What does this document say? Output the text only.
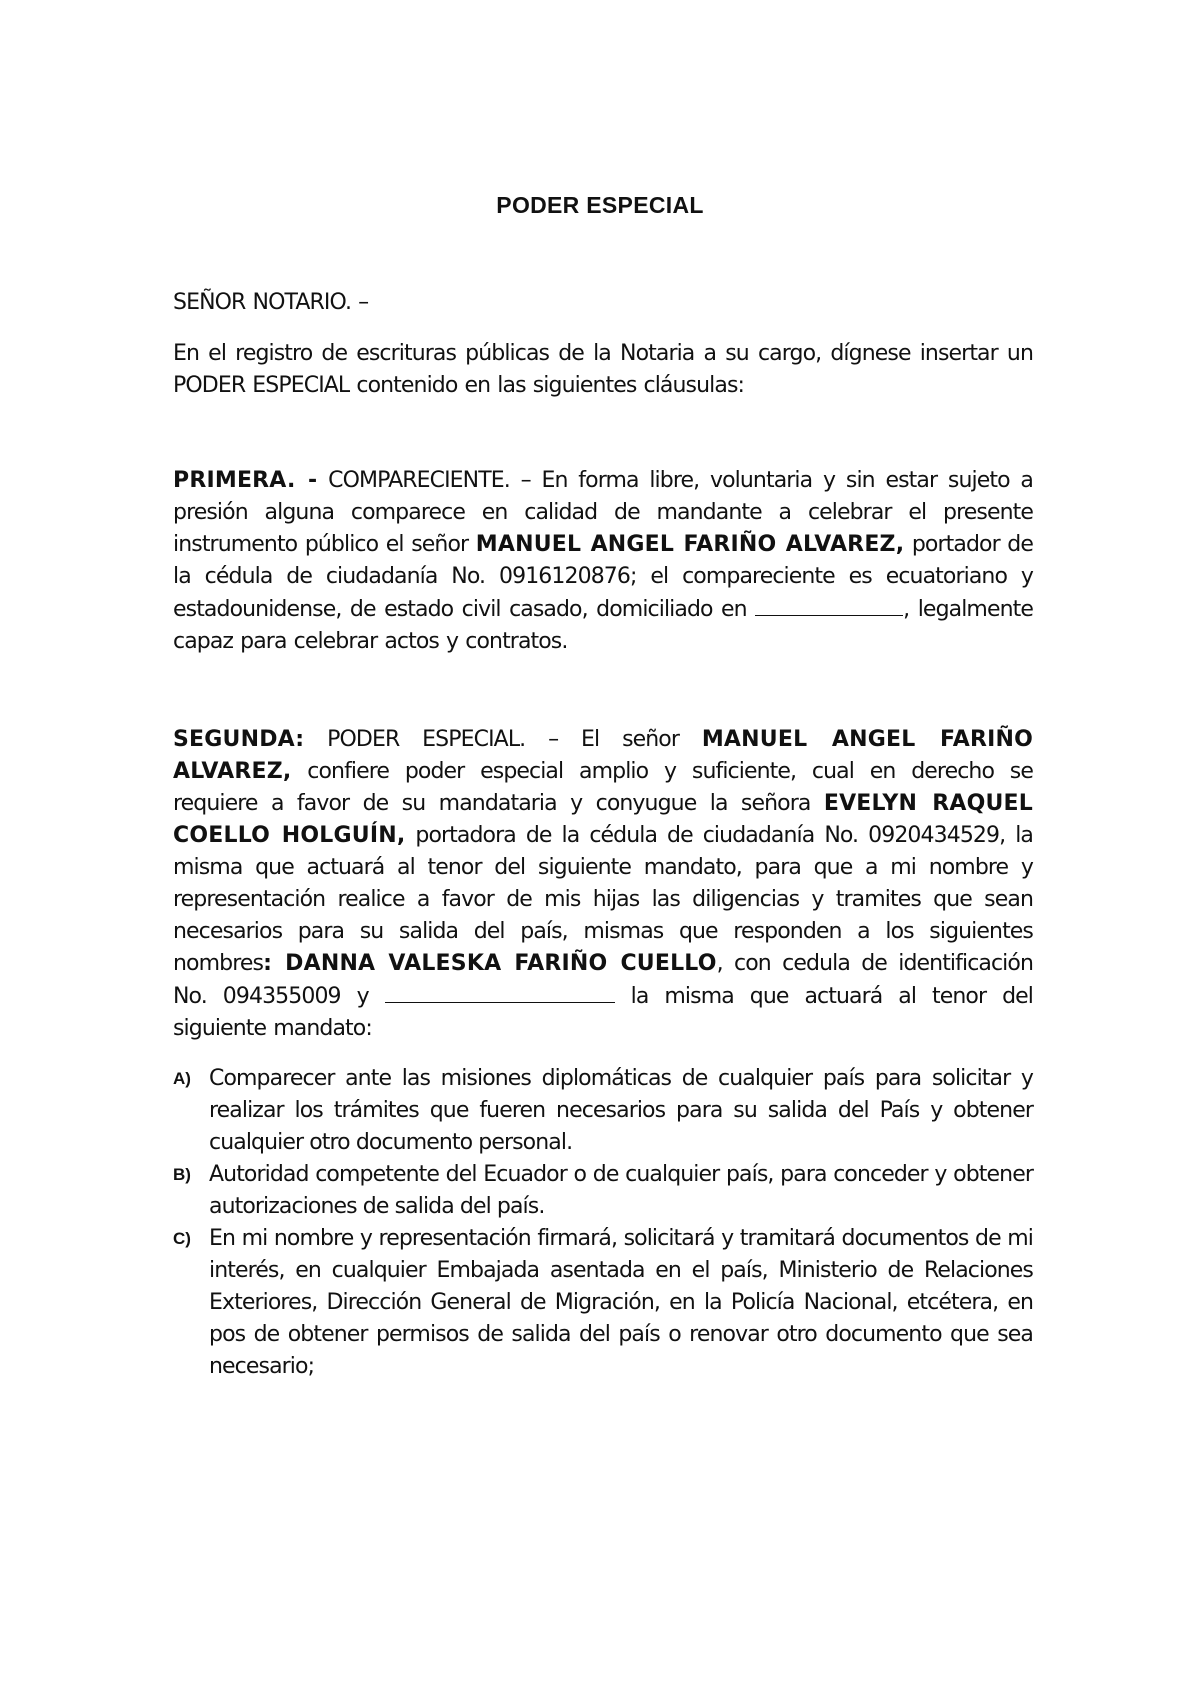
PODER ESPECIAL
SEÑOR NOTARIO. –
En el registro de escrituras públicas de la Notaria a su cargo, dígnese insertar un PODER ESPECIAL contenido en las siguientes cláusulas:
PRIMERA. - COMPARECIENTE. – En forma libre, voluntaria y sin estar sujeto a presión alguna comparece en calidad de mandante a celebrar el presente instrumento público el señor MANUEL ANGEL FARIÑO ALVAREZ, portador de la cédula de ciudadanía No. 0916120876; el compareciente es ecuatoriano y estadounidense, de estado civil casado, domiciliado en	, legalmente capaz para celebrar actos y contratos.
SEGUNDA: PODER ESPECIAL. – El señor MANUEL ANGEL FARIÑO ALVAREZ, confiere poder especial amplio y suficiente, cual en derecho se requiere a favor de su mandataria y conyugue la señora EVELYN RAQUEL COELLO HOLGUÍN, portadora de la cédula de ciudadanía No. 0920434529, la misma que actuará al tenor del siguiente mandato, para que a mi nombre y representación realice a favor de mis hijas las diligencias y tramites que sean necesarios para su salida del país, mismas que responden a los siguientes nombres: DANNA VALESKA FARIÑO CUELLO, con cedula de identificación No. 094355009 y	la misma que actuará al tenor del siguiente mandato:
A) Comparecer ante las misiones diplomáticas de cualquier país para solicitar y realizar los trámites que fueren necesarios para su salida del País y obtener cualquier otro documento personal.
B) Autoridad competente del Ecuador o de cualquier país, para conceder y obtener autorizaciones de salida del país.
C) En mi nombre y representación firmará, solicitará y tramitará documentos de mi interés, en cualquier Embajada asentada en el país, Ministerio de Relaciones Exteriores, Dirección General de Migración, en la Policía Nacional, etcétera, en pos de obtener permisos de salida del país o renovar otro documento que sea necesario;
